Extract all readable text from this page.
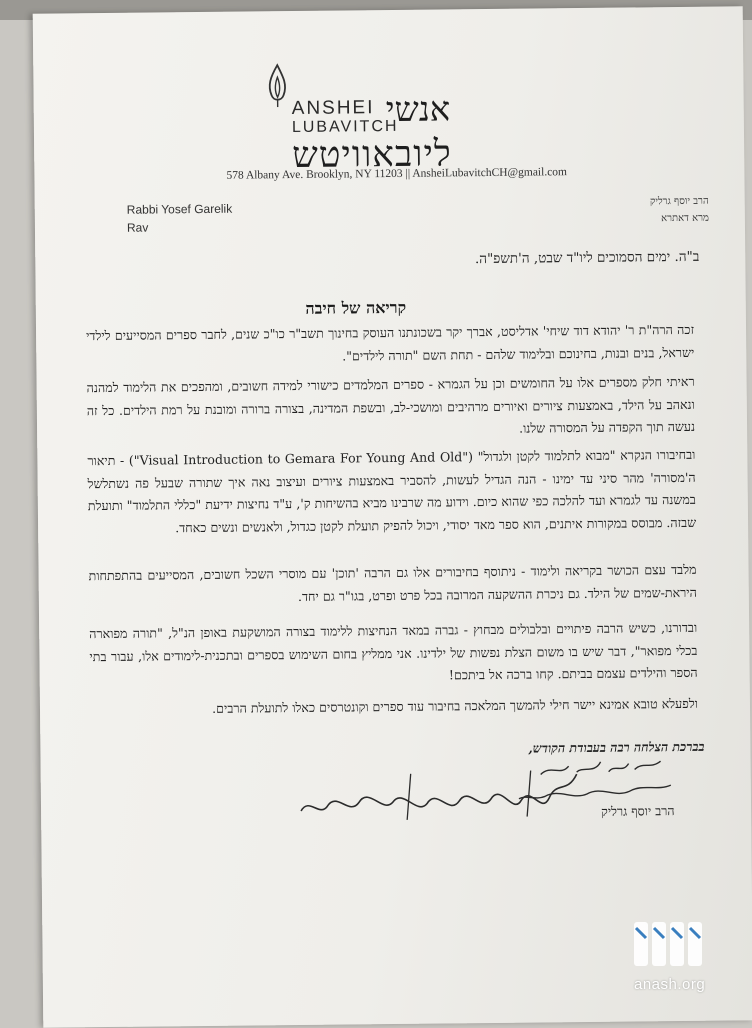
ANSHEI
LUBAVITCH
אנשי
ליובאוויטש
578 Albany Ave. Brooklyn, NY 11203 || AnsheiLubavitchCH@gmail.com
Rabbi Yosef Garelik
Rav
הרב יוסף גרליק
מרא דאתרא
ב"ה. ימים הסמוכים ליו"ד שבט, ה'תשפ"ה.
קריאה של חיבה
זכה הרה"ת ר' יהודא דוד שיחי' אדליסט, אברך יקר בשכונתנו העוסק בחינוך תשב"ר כו"כ שנים, לחבר ספרים המסייעים לילדי ישראל, בנים ובנות, בחינוכם ובלימוד שלהם - תחת השם "תורה לילדים".
ראיתי חלק מספרים אלו על החומשים וכן על הגמרא - ספרים המלמדים כישורי למידה חשובים, ומהפכים את הלימוד למהנה ונאהב על הילד, באמצעות ציורים ואיורים מרהיבים ומושכי-לב, ובשפת המדינה, בצורה ברורה ומובנת על רמת הילדים. כל זה נעשה תוך הקפדה על המסורה שלנו.
ובחיבורו הנקרא "מבוא לתלמוד לקטן ולגדול" ("Visual Introduction to Gemara For Young And Old") - תיאור ה'מסורה' מהר סיני עד ימינו - הנה הגדיל לעשות, להסביר באמצעות ציורים ועיצוב נאה איך שתורה שבעל פה נשתלשל במשנה עד לגמרא ועד להלכה כפי שהוא כיום. וידוע מה שרבינו מביא בהשיחות ק', ע"ד נחיצות ידיעת "כללי התלמוד" ותועלת שבזה. מבוסס במקורות איתנים, הוא ספר מאד יסודי, ויכול להפיק תועלת לקטן כגדול, ולאנשים ונשים כאחד.
מלבד עצם הכושר בקריאה ולימוד - ניתוסף בחיבורים אלו גם הרבה 'תוכן' עם מוסרי השכל חשובים, המסייעים בהתפתחות היראת-שמים של הילד. גם ניכרת ההשקעה המרובה בכל פרט ופרט, בגו"ר גם יחד.
ובדורנו, כשיש הרבה פיתויים ובלבולים מבחוץ - גברה במאד הנחיצות ללימוד בצורה המושקעת באופן הנ"ל, "תורה מפוארה בכלי מפואר", דבר שיש בו משום הצלת נפשות של ילדינו. אני ממליץ בחום השימוש בספרים ובתכנית-לימודים אלו, עבור בתי הספר והילדים עצמם בביתם. קחו ברכה אל ביתכם!
ולפעלא טובא אמינא יישר חילי להמשך המלאכה בחיבור עוד ספרים וקונטרסים כאלו לתועלת הרבים.
בברכת הצלחה רבה בעבודת הקודש,
הרב יוסף גרליק
anash.org
